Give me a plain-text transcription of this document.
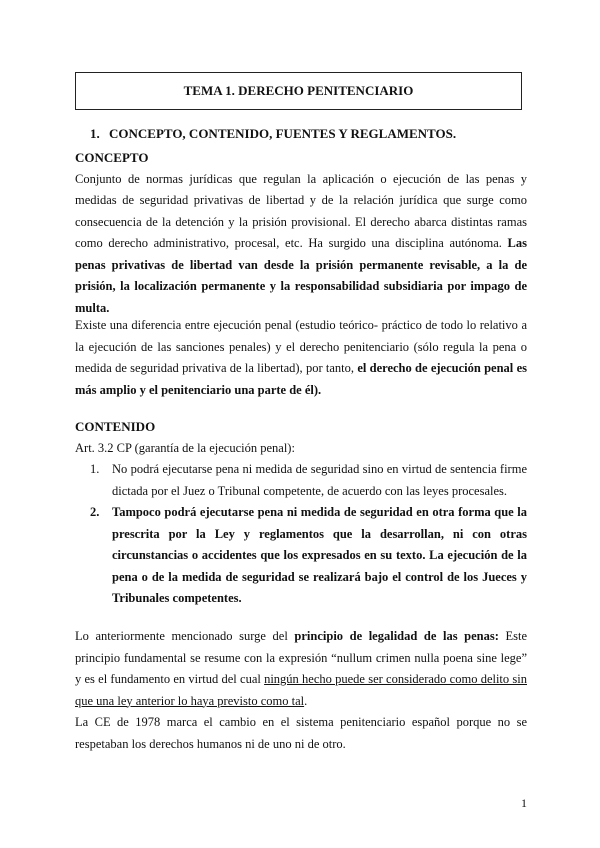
TEMA 1. DERECHO PENITENCIARIO
1. CONCEPTO, CONTENIDO, FUENTES Y REGLAMENTOS.
CONCEPTO

Conjunto de normas jurídicas que regulan la aplicación o ejecución de las penas y medidas de seguridad privativas de libertad y de la relación jurídica que surge como consecuencia de la detención y la prisión provisional. El derecho abarca distintas ramas como derecho administrativo, procesal, etc. Ha surgido una disciplina autónoma. Las penas privativas de libertad van desde la prisión permanente revisable, a la de prisión, la localización permanente y la responsabilidad subsidiaria por impago de multa.

Existe una diferencia entre ejecución penal (estudio teórico- práctico de todo lo relativo a la ejecución de las sanciones penales) y el derecho penitenciario (sólo regula la pena o medida de seguridad privativa de la libertad), por tanto, el derecho de ejecución penal es más amplio y el penitenciario una parte de él).

CONTENIDO

Art. 3.2 CP (garantía de la ejecución penal):

1. No podrá ejecutarse pena ni medida de seguridad sino en virtud de sentencia firme dictada por el Juez o Tribunal competente, de acuerdo con las leyes procesales.
2. Tampoco podrá ejecutarse pena ni medida de seguridad en otra forma que la prescrita por la Ley y reglamentos que la desarrollan, ni con otras circunstancias o accidentes que los expresados en su texto. La ejecución de la pena o de la medida de seguridad se realizará bajo el control de los Jueces y Tribunales competentes.

Lo anteriormente mencionado surge del principio de legalidad de las penas: Este principio fundamental se resume con la expresión “nullum crimen nulla poena sine lege” y es el fundamento en virtud del cual ningún hecho puede ser considerado como delito sin que una ley anterior lo haya previsto como tal.

La CE de 1978 marca el cambio en el sistema penitenciario español porque no se respetaban los derechos humanos ni de uno ni de otro.

1
